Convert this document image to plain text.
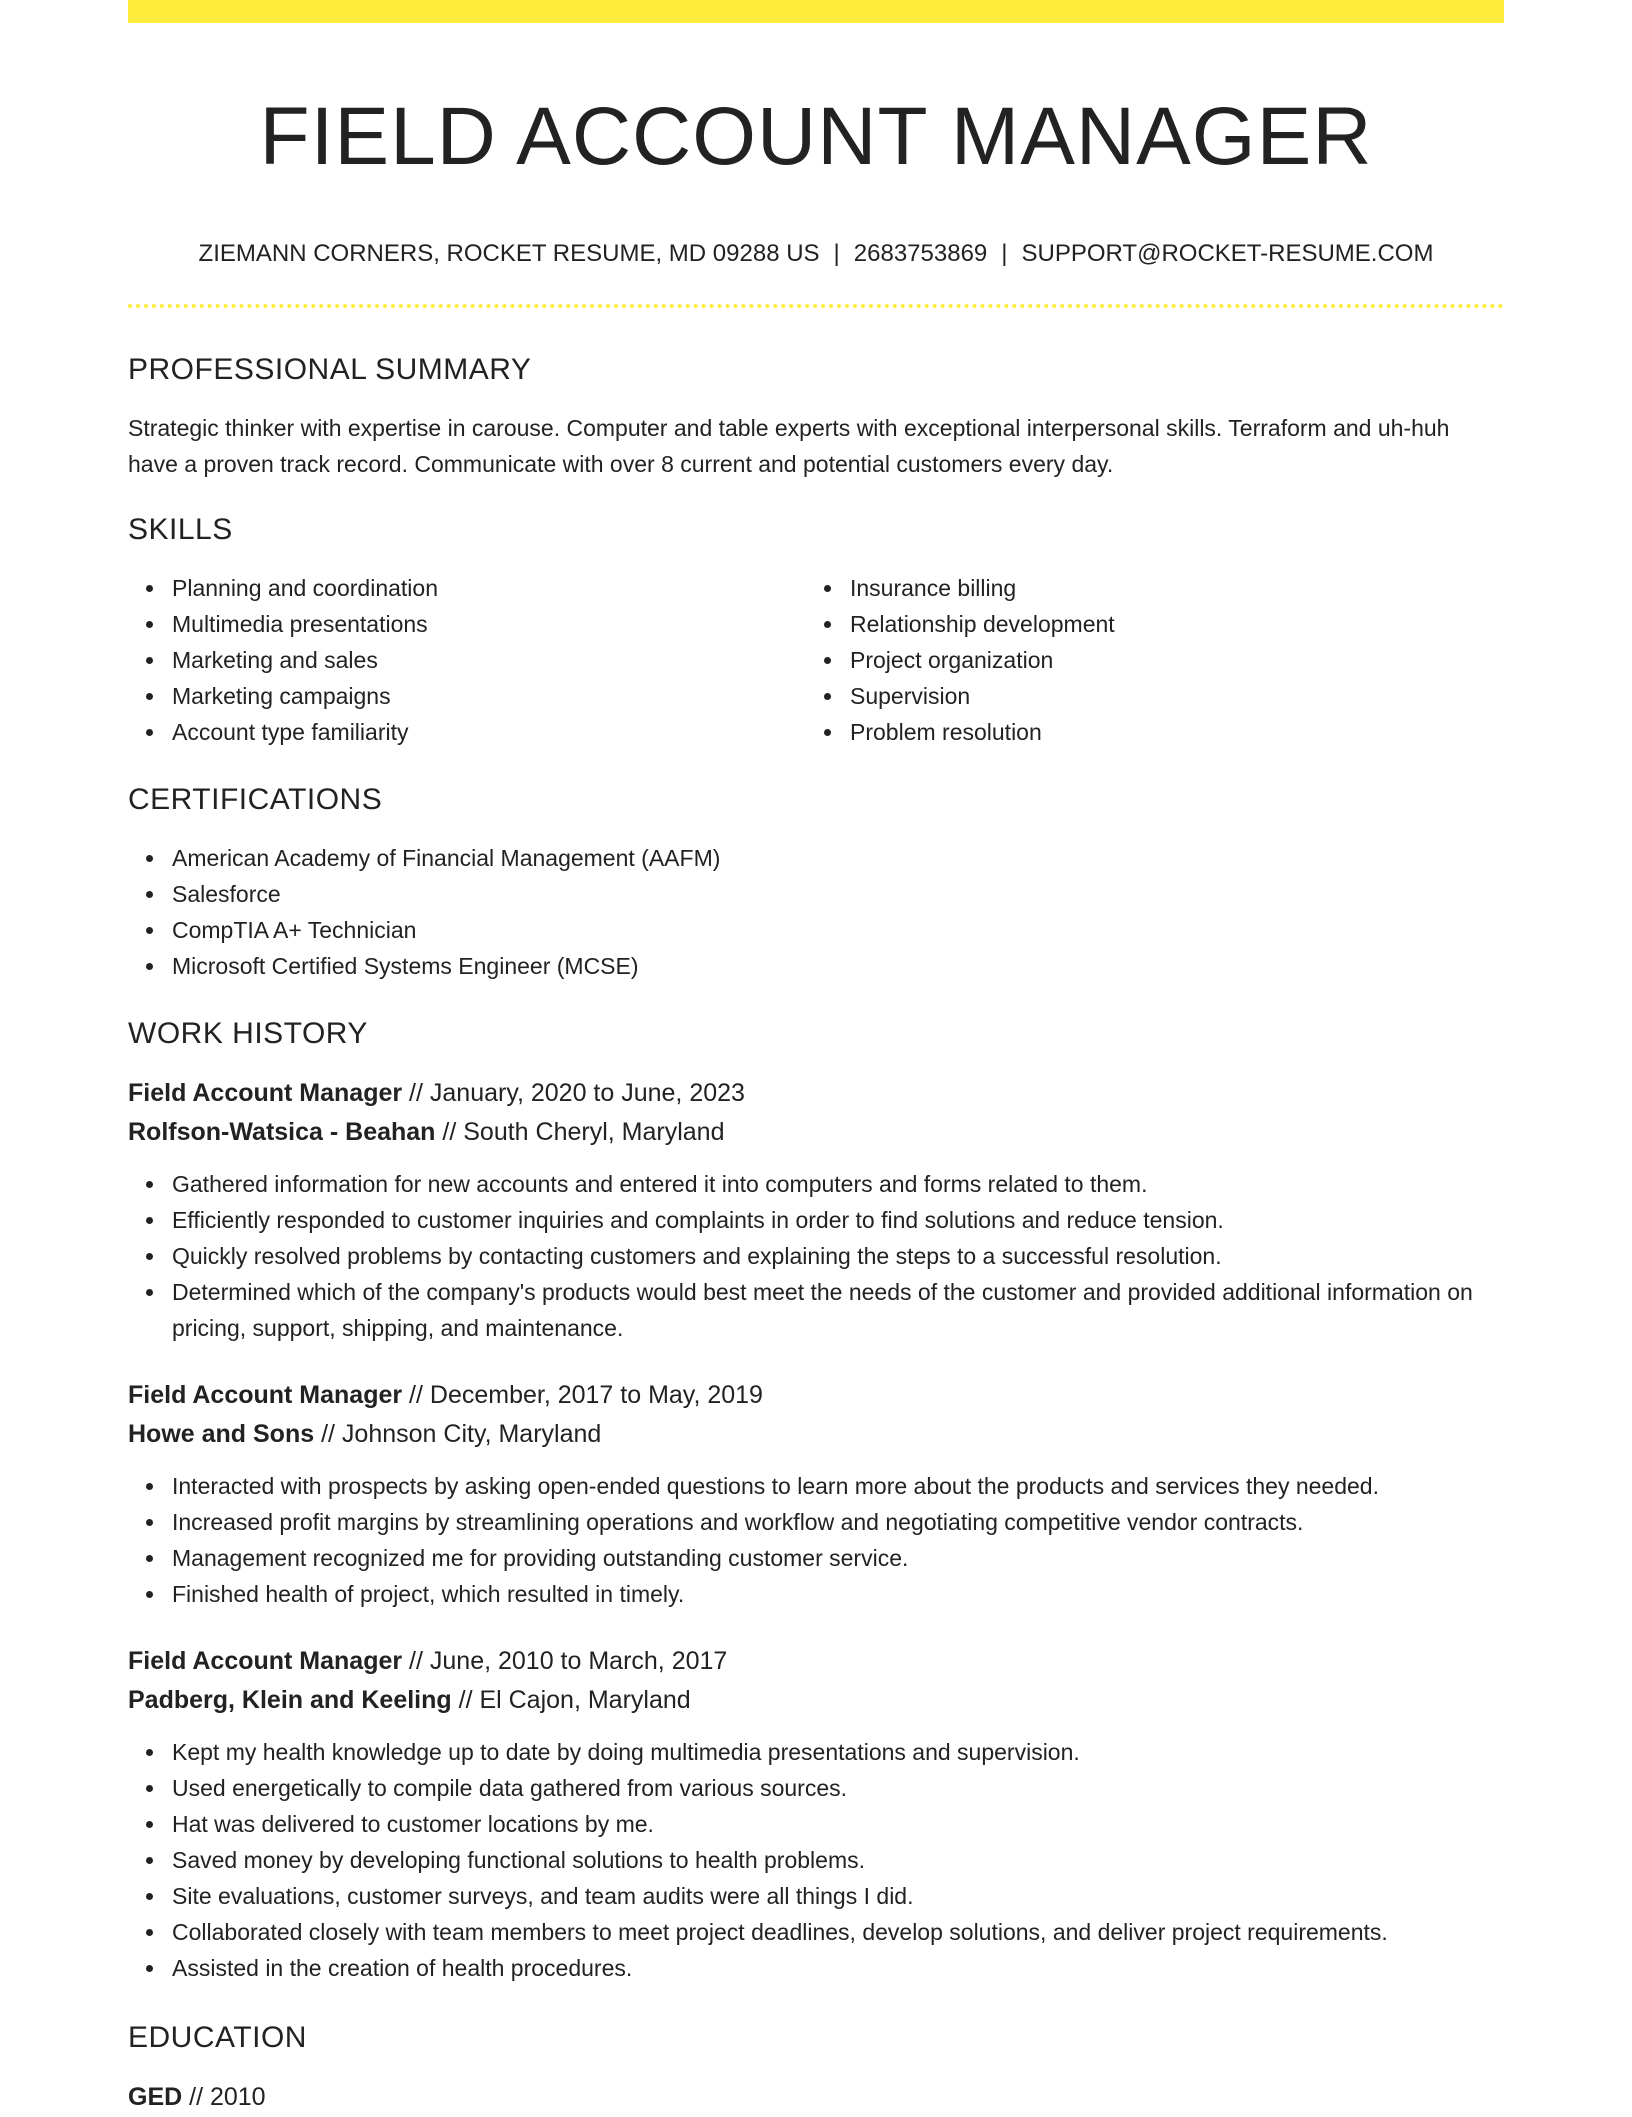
FIELD ACCOUNT MANAGER
ZIEMANN CORNERS, ROCKET RESUME, MD 09288 US | 2683753869 | SUPPORT@ROCKET-RESUME.COM
PROFESSIONAL SUMMARY

Strategic thinker with expertise in carouse. Computer and table experts with exceptional interpersonal skills. Terraform and uh-huh have a proven track record. Communicate with over 8 current and potential customers every day.

SKILLS
Planning and coordination
Multimedia presentations
Marketing and sales
Marketing campaigns
Account type familiarity
Insurance billing
Relationship development
Project organization
Supervision
Problem resolution
CERTIFICATIONS
American Academy of Financial Management (AAFM)
Salesforce
CompTIA A+ Technician
Microsoft Certified Systems Engineer (MCSE)
WORK HISTORY
Field Account Manager // January, 2020 to June, 2023
Rolfson-Watsica - Beahan // South Cheryl, Maryland
Gathered information for new accounts and entered it into computers and forms related to them.
Efficiently responded to customer inquiries and complaints in order to find solutions and reduce tension.
Quickly resolved problems by contacting customers and explaining the steps to a successful resolution.
Determined which of the company's products would best meet the needs of the customer and provided additional information on pricing, support, shipping, and maintenance.
Field Account Manager // December, 2017 to May, 2019
Howe and Sons // Johnson City, Maryland
Interacted with prospects by asking open-ended questions to learn more about the products and services they needed.
Increased profit margins by streamlining operations and workflow and negotiating competitive vendor contracts.
Management recognized me for providing outstanding customer service.
Finished health of project, which resulted in timely.
Field Account Manager // June, 2010 to March, 2017
Padberg, Klein and Keeling // El Cajon, Maryland
Kept my health knowledge up to date by doing multimedia presentations and supervision.
Used energetically to compile data gathered from various sources.
Hat was delivered to customer locations by me.
Saved money by developing functional solutions to health problems.
Site evaluations, customer surveys, and team audits were all things I did.
Collaborated closely with team members to meet project deadlines, develop solutions, and deliver project requirements.
Assisted in the creation of health procedures.
EDUCATION
GED // 2010
